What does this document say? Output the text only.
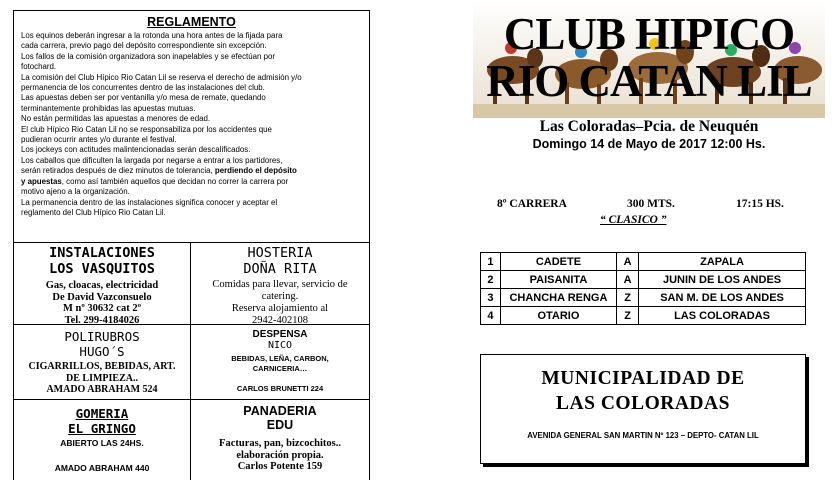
REGLAMENTO

Los equinos deberán ingresar a la rotonda una hora antes de la fijada para

cada carrera, previo pago del depósito correspondiente sin excepción.

Los fallos de la comisión organizadora son inapelables y se efectúan por

fotochard.

La comisión del Club Hípico Rio Catan Lil se reserva el derecho de admisión y/o

permanencia de los concurrentes dentro de las instalaciones del club.

Las apuestas deben ser por ventanilla y/o mesa de remate, quedando

terminantemente prohibidas las apuestas mutuas.

No están permitidas las apuestas a menores de edad.

El club Hípico Rio Catan Lil no se responsabiliza por los accidentes que

pudieran ocurrir antes y/o durante el festival.

Los jockeys con actitudes malintencionadas serán descalificados.

Los caballos que dificulten la largada por negarse a entrar a los partidores,

serán retirados después de diez minutos de tolerancia, perdiendo el depósito

y apuestas, como así también aquellos que decidan no correr la carrera por

motivo ajeno a la organización.

La permanencia dentro de las instalaciones significa conocer y aceptar el

reglamento del Club Hípico Rio Catan Lil.

INSTALACIONES
LOS VASQUITOS
Gas, cloacas, electricidad
De David Vazconsuelo
M nº 30632 cat 2º
Tel. 299-4184026
HOSTERIA
DOÑA RITA
Comidas para llevar, servicio de
catering.
Reserva alojamiento al
2942-402108
POLIRUBROS
HUGO´S
CIGARRILLOS, BEBIDAS, ART.
DE LIMPIEZA..
AMADO ABRAHAM 524
DESPENSA
NICO
BEBIDAS, LEÑA, CARBON,
CARNICERIA…
CARLOS BRUNETTI 224
GOMERIA
EL GRINGO
ABIERTO LAS 24HS.
AMADO ABRAHAM 440
PANADERIA
EDU
Facturas, pan, bizcochitos..
elaboración propia.
Carlos Potente 159
CLUB HIPICO
RIO CATAN LIL
Las Coloradas–Pcia. de Neuquén
Domingo 14 de Mayo de 2017 12:00 Hs.
8º CARRERA	300 MTS.	17:15 HS.
“ CLASICO ”
1	CADETE	A	ZAPALA
2	PAISANITA	A	JUNIN DE LOS ANDES
3	CHANCHA RENGA	Z	SAN M. DE LOS ANDES
4	OTARIO	Z	LAS COLORADAS
MUNICIPALIDAD DE
LAS COLORADAS
AVENIDA GENERAL SAN MARTIN Nº 123 – DEPTO- CATAN LIL
